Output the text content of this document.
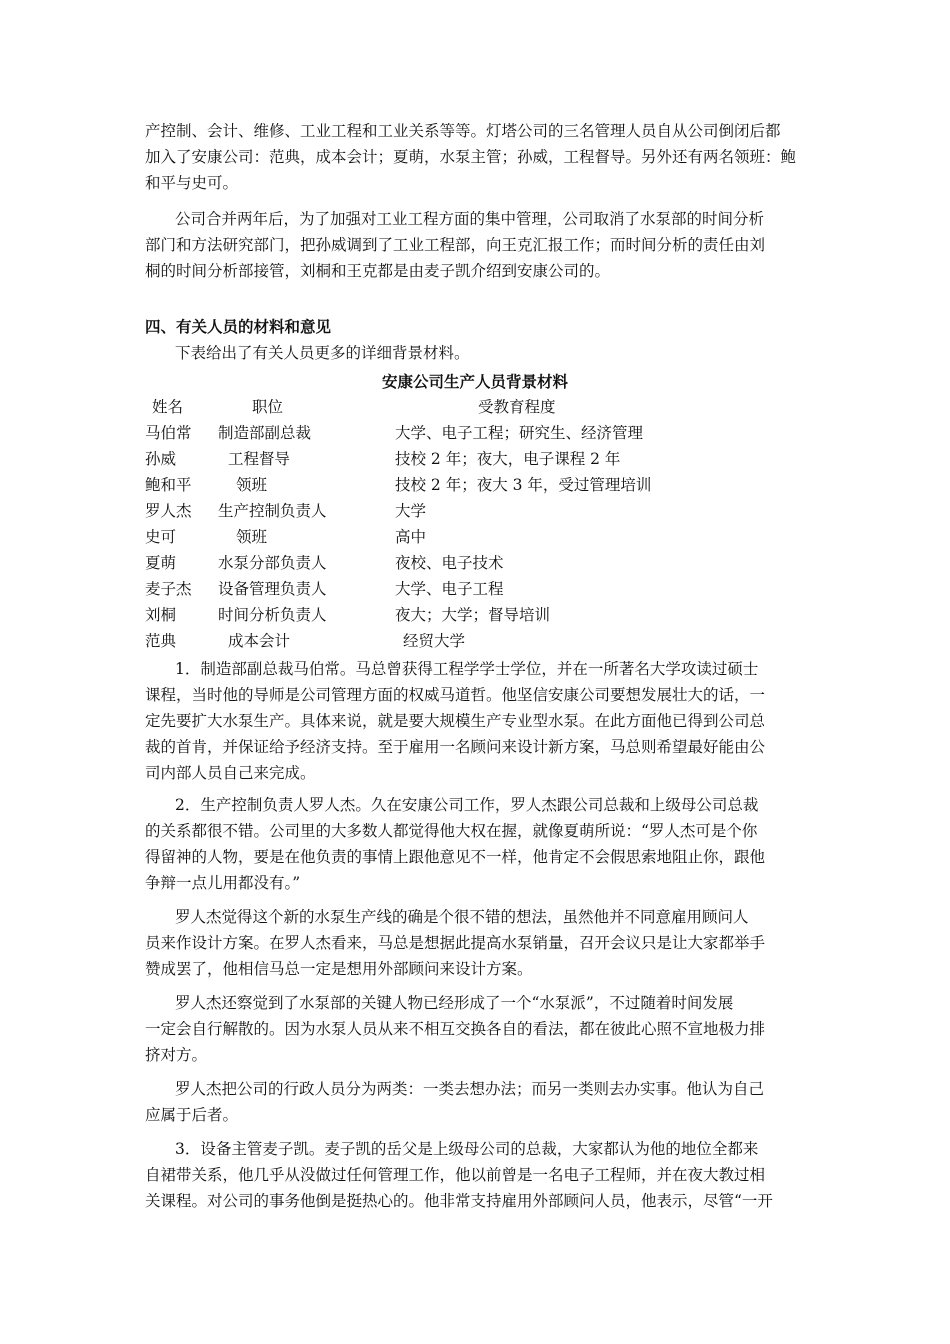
产控制、会计、维修、工业工程和工业关系等等。灯塔公司的三名管理人员自从公司倒闭后都
加入了安康公司：范典，成本会计；夏萌，水泵主管；孙威，工程督导。另外还有两名领班：鲍
和平与史可。
公司合并两年后，为了加强对工业工程方面的集中管理，公司取消了水泵部的时间分析
部门和方法研究部门，把孙威调到了工业工程部，向王克汇报工作；而时间分析的责任由刘
桐的时间分析部接管，刘桐和王克都是由麦子凯介绍到安康公司的。
四、有关人员的材料和意见
下表给出了有关人员更多的详细背景材料。
安康公司生产人员背景材料
姓名	职位	受教育程度
马伯常 制造部副总裁	大学、电子工程；研究生、经济管理
孙威	工程督导	技校 2 年；夜大，电子课程 2 年
鲍和平	领班	技校 2 年；夜大 3 年，受过管理培训
罗人杰 生产控制负责人	大学
史可	领班	高中
夏萌	水泵分部负责人	夜校、电子技术
麦子杰 设备管理负责人	大学、电子工程
刘桐	时间分析负责人	夜大；大学；督导培训
范典	成本会计	经贸大学
1．制造部副总裁马伯常。马总曾获得工程学学士学位，并在一所著名大学攻读过硕士
课程，当时他的导师是公司管理方面的权威马道哲。他坚信安康公司要想发展壮大的话，一
定先要扩大水泵生产。具体来说，就是要大规模生产专业型水泵。在此方面他已得到公司总
裁的首肯，并保证给予经济支持。至于雇用一名顾问来设计新方案，马总则希望最好能由公
司内部人员自己来完成。
2．生产控制负责人罗人杰。久在安康公司工作，罗人杰跟公司总裁和上级母公司总裁
的关系都很不错。公司里的大多数人都觉得他大权在握，就像夏萌所说：“罗人杰可是个你
得留神的人物，要是在他负责的事情上跟他意见不一样，他肯定不会假思索地阻止你，跟他
争辩一点儿用都没有。”
罗人杰觉得这个新的水泵生产线的确是个很不错的想法，虽然他并不同意雇用顾问人
员来作设计方案。在罗人杰看来，马总是想据此提高水泵销量，召开会议只是让大家都举手
赞成罢了，他相信马总一定是想用外部顾问来设计方案。
罗人杰还察觉到了水泵部的关键人物已经形成了一个“水泵派”，不过随着时间发展
一定会自行解散的。因为水泵人员从来不相互交换各自的看法，都在彼此心照不宣地极力排
挤对方。
罗人杰把公司的行政人员分为两类：一类去想办法；而另一类则去办实事。他认为自己
应属于后者。
3．设备主管麦子凯。麦子凯的岳父是上级母公司的总裁，大家都认为他的地位全都来
自裙带关系，他几乎从没做过任何管理工作，他以前曾是一名电子工程师，并在夜大教过相
关课程。对公司的事务他倒是挺热心的。他非常支持雇用外部顾问人员，他表示，尽管“一开
